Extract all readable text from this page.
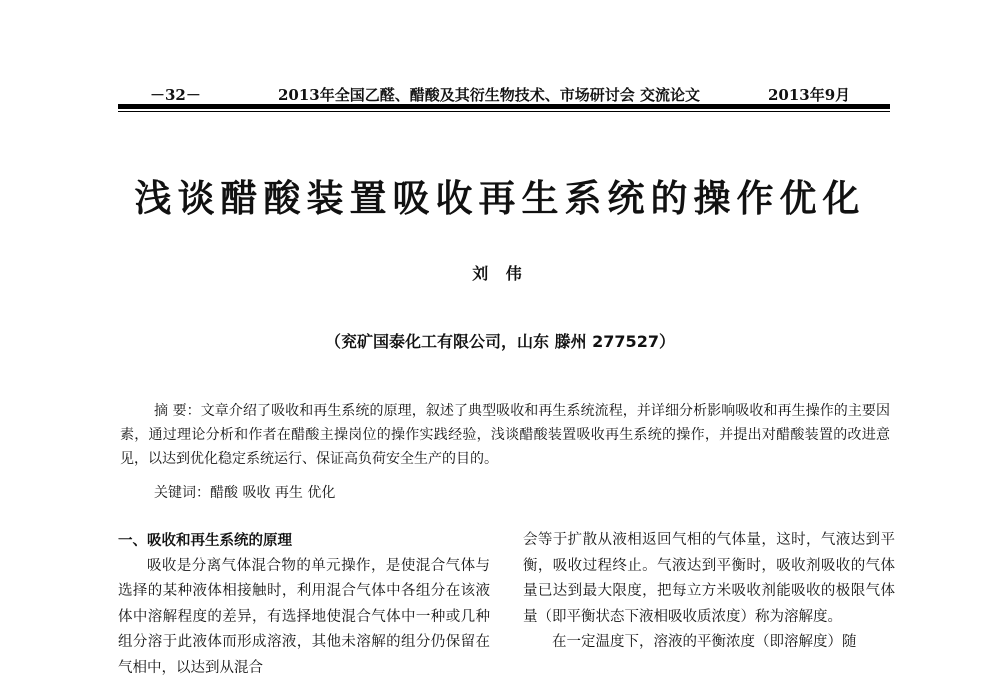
－32－	2013年全国乙醛、醋酸及其衍生物技术、市场研讨会 交流论文	2013年9月
浅谈醋酸装置吸收再生系统的操作优化
刘 伟
（兖矿国泰化工有限公司，山东 滕州 277527）

摘 要：文章介绍了吸收和再生系统的原理，叙述了典型吸收和再生系统流程，并详细分析影响吸收和再生操作的主要因素，通过理论分析和作者在醋酸主操岗位的操作实践经验，浅谈醋酸装置吸收再生系统的操作，并提出对醋酸装置的改进意见，以达到优化稳定系统运行、保证高负荷安全生产的目的。

关键词：醋酸 吸收 再生 优化

一、吸收和再生系统的原理

吸收是分离气体混合物的单元操作，是使混合气体与选择的某种液体相接触时，利用混合气体中各组分在该液体中溶解程度的差异，有选择地使混合气体中一种或几种组分溶于此液体而形成溶液，其他未溶解的组分仍保留在气相中，以达到从混合

会等于扩散从液相返回气相的气体量，这时，气液达到平衡，吸收过程终止。气液达到平衡时，吸收剂吸收的气体量已达到最大限度，把每立方米吸收剂能吸收的极限气体量（即平衡状态下液相吸收质浓度）称为溶解度。

在一定温度下，溶液的平衡浓度（即溶解度）随
